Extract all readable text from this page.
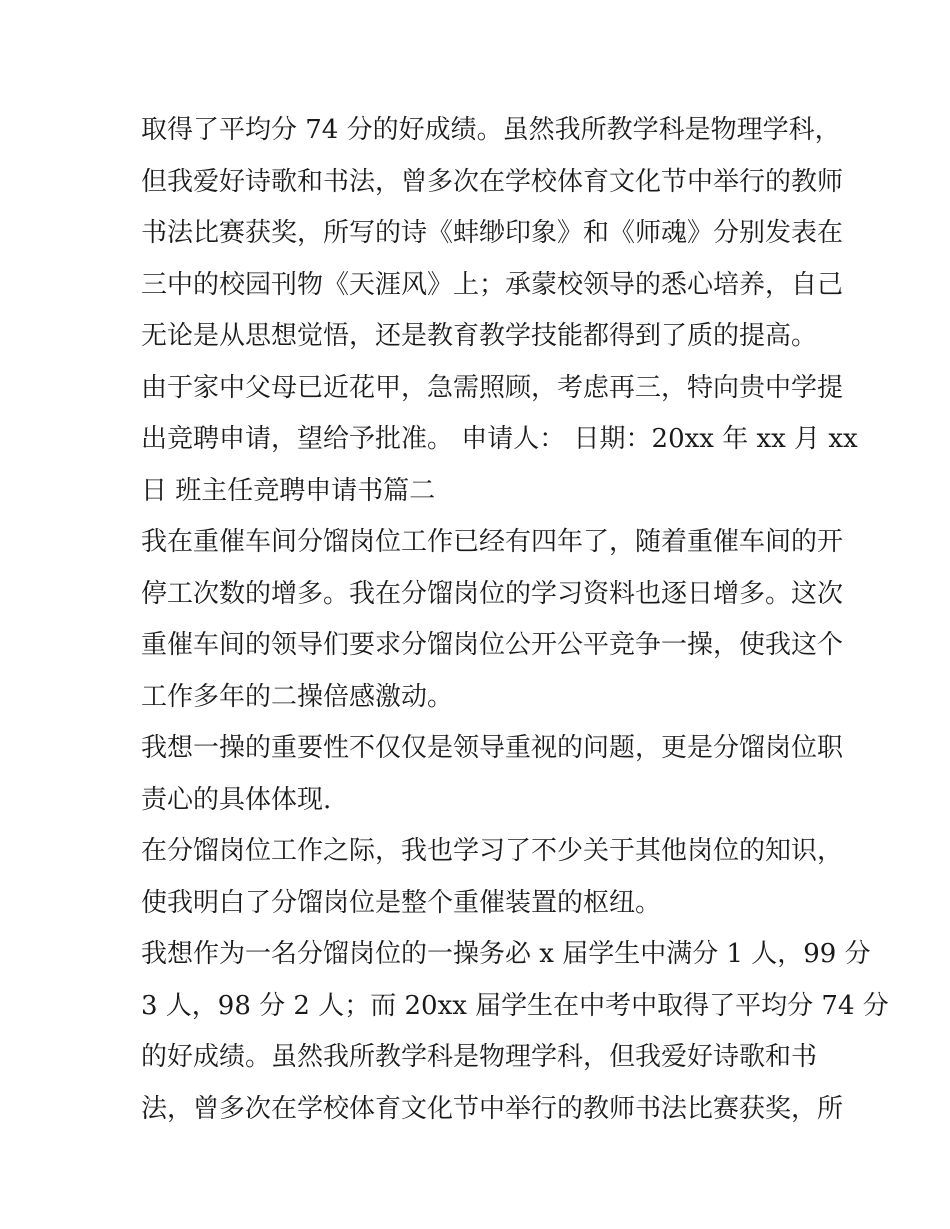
取得了平均分 74 分的好成绩。虽然我所教学科是物理学科，
但我爱好诗歌和书法，曾多次在学校体育文化节中举行的教师
书法比赛获奖，所写的诗《蚌缈印象》和《师魂》分别发表在
三中的校园刊物《天涯风》上；承蒙校领导的悉心培养，自己
无论是从思想觉悟，还是教育教学技能都得到了质的提高。
由于家中父母已近花甲，急需照顾，考虑再三，特向贵中学提
出竞聘申请，望给予批准。 申请人： 日期：20xx 年 xx 月 xx
日 班主任竞聘申请书篇二
我在重催车间分馏岗位工作已经有四年了，随着重催车间的开
停工次数的增多。我在分馏岗位的学习资料也逐日增多。这次
重催车间的领导们要求分馏岗位公开公平竞争一操，使我这个
工作多年的二操倍感激动。
我想一操的重要性不仅仅是领导重视的问题，更是分馏岗位职
责心的具体体现.
在分馏岗位工作之际，我也学习了不少关于其他岗位的知识，
使我明白了分馏岗位是整个重催装置的枢纽。
我想作为一名分馏岗位的一操务必 x 届学生中满分 1 人，99 分
3 人，98 分 2 人；而 20xx 届学生在中考中取得了平均分 74 分
的好成绩。虽然我所教学科是物理学科，但我爱好诗歌和书
法，曾多次在学校体育文化节中举行的教师书法比赛获奖，所
